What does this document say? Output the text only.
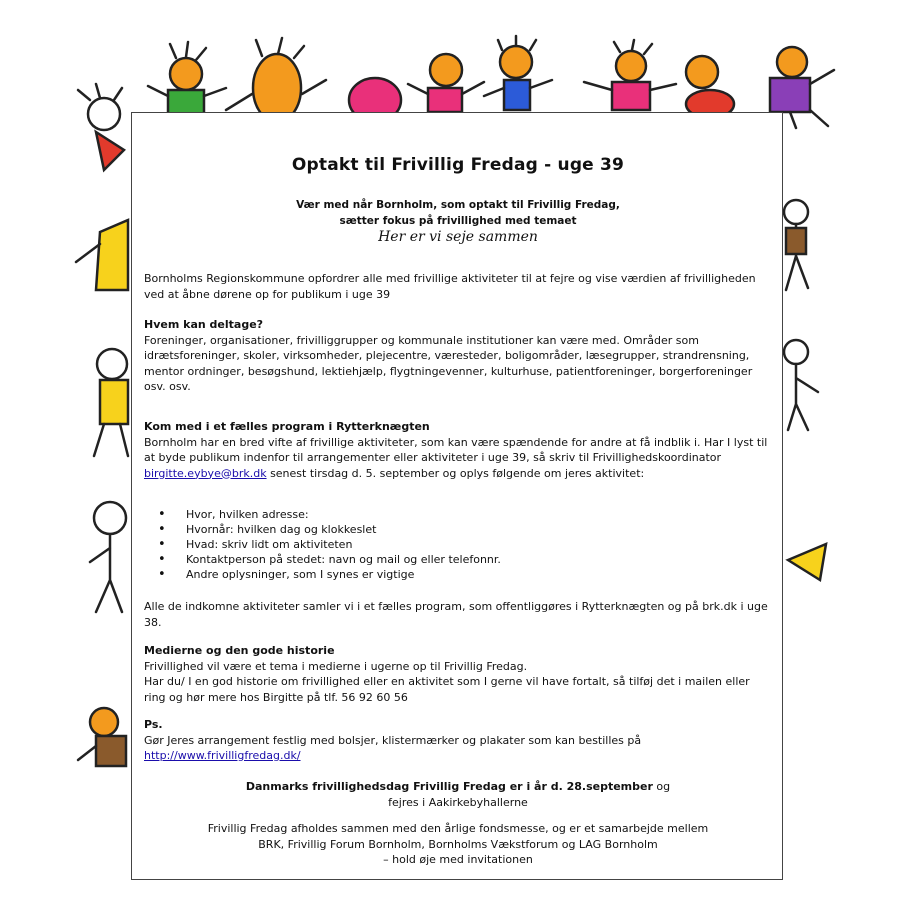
Optakt til Frivillig Fredag - uge 39
Vær med når Bornholm, som optakt til Frivillig Fredag,
sætter fokus på frivillighed med temaet
Her er vi seje sammen
Bornholms Regionskommune opfordrer alle med frivillige aktiviteter til at fejre og vise værdien af frivilligheden ved at åbne dørene op for publikum i uge 39
Hvem kan deltage?
Foreninger, organisationer, frivilliggrupper og kommunale institutioner kan være med. Områder som idrætsforeninger, skoler, virksomheder, plejecentre, væresteder, boligområder, læsegrupper, strandrensning, mentor ordninger, besøgshund, lektiehjælp, flygtningevenner, kulturhuse, patientforeninger, borgerforeninger osv. osv.
Kom med i et fælles program i Rytterknægten
Bornholm har en bred vifte af frivillige aktiviteter, som kan være spændende for andre at få indblik i. Har I lyst til at byde publikum indenfor til arrangementer eller aktiviteter i uge 39, så skriv til Frivillighedskoordinator birgitte.eybye@brk.dk senest tirsdag d. 5. september og oplys følgende om jeres aktivitet:
• Hvor, hvilken adresse:
• Hvornår: hvilken dag og klokkeslet
• Hvad: skriv lidt om aktiviteten
• Kontaktperson på stedet: navn og mail og eller telefonnr.
• Andre oplysninger, som I synes er vigtige
Alle de indkomne aktiviteter samler vi i et fælles program, som offentliggøres i Rytterknægten og på brk.dk i uge 38.
Medierne og den gode historie
Frivillighed vil være et tema i medierne i ugerne op til Frivillig Fredag.
Har du/ I en god historie om frivillighed eller en aktivitet som I gerne vil have fortalt, så tilføj det i mailen eller ring og hør mere hos Birgitte på tlf. 56 92 60 56
Ps.
Gør Jeres arrangement festlig med bolsjer, klistermærker og plakater som kan bestilles på
http://www.frivilligfredag.dk/
Danmarks frivillighedsdag Frivillig Fredag er i år d. 28.september og
fejres i Aakirkebyhallerne
Frivillig Fredag afholdes sammen med den årlige fondsmesse, og er et samarbejde mellem
BRK, Frivillig Forum Bornholm, Bornholms Vækstforum og LAG Bornholm
– hold øje med invitationen
